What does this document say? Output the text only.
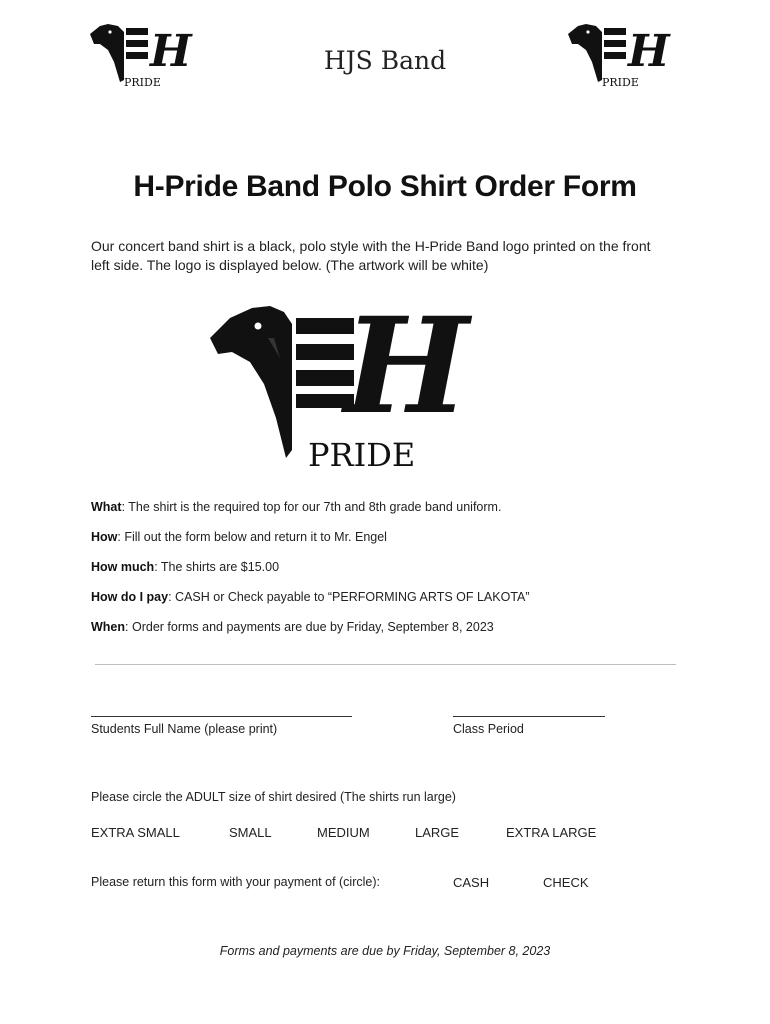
H
PRIDE
HJS Band	H
PRIDE
H-Pride Band Polo Shirt Order Form
Our concert band shirt is a black, polo style with the H-Pride Band logo printed on the front left side. The logo is displayed below. (The artwork will be white)
H
PRIDE
What: The shirt is the required top for our 7th and 8th grade band uniform.
How: Fill out the form below and return it to Mr. Engel
How much: The shirts are $15.00
How do I pay: CASH or Check payable to “PERFORMING ARTS OF LAKOTA”
When: Order forms and payments are due by Friday, September 8, 2023
Students Full Name (please print)	Class Period
Please circle the ADULT size of shirt desired (The shirts run large)
EXTRA SMALL	SMALL	MEDIUM	LARGE	EXTRA LARGE
Please return this form with your payment of (circle):	CASH	CHECK
Forms and payments are due by Friday, September 8, 2023
